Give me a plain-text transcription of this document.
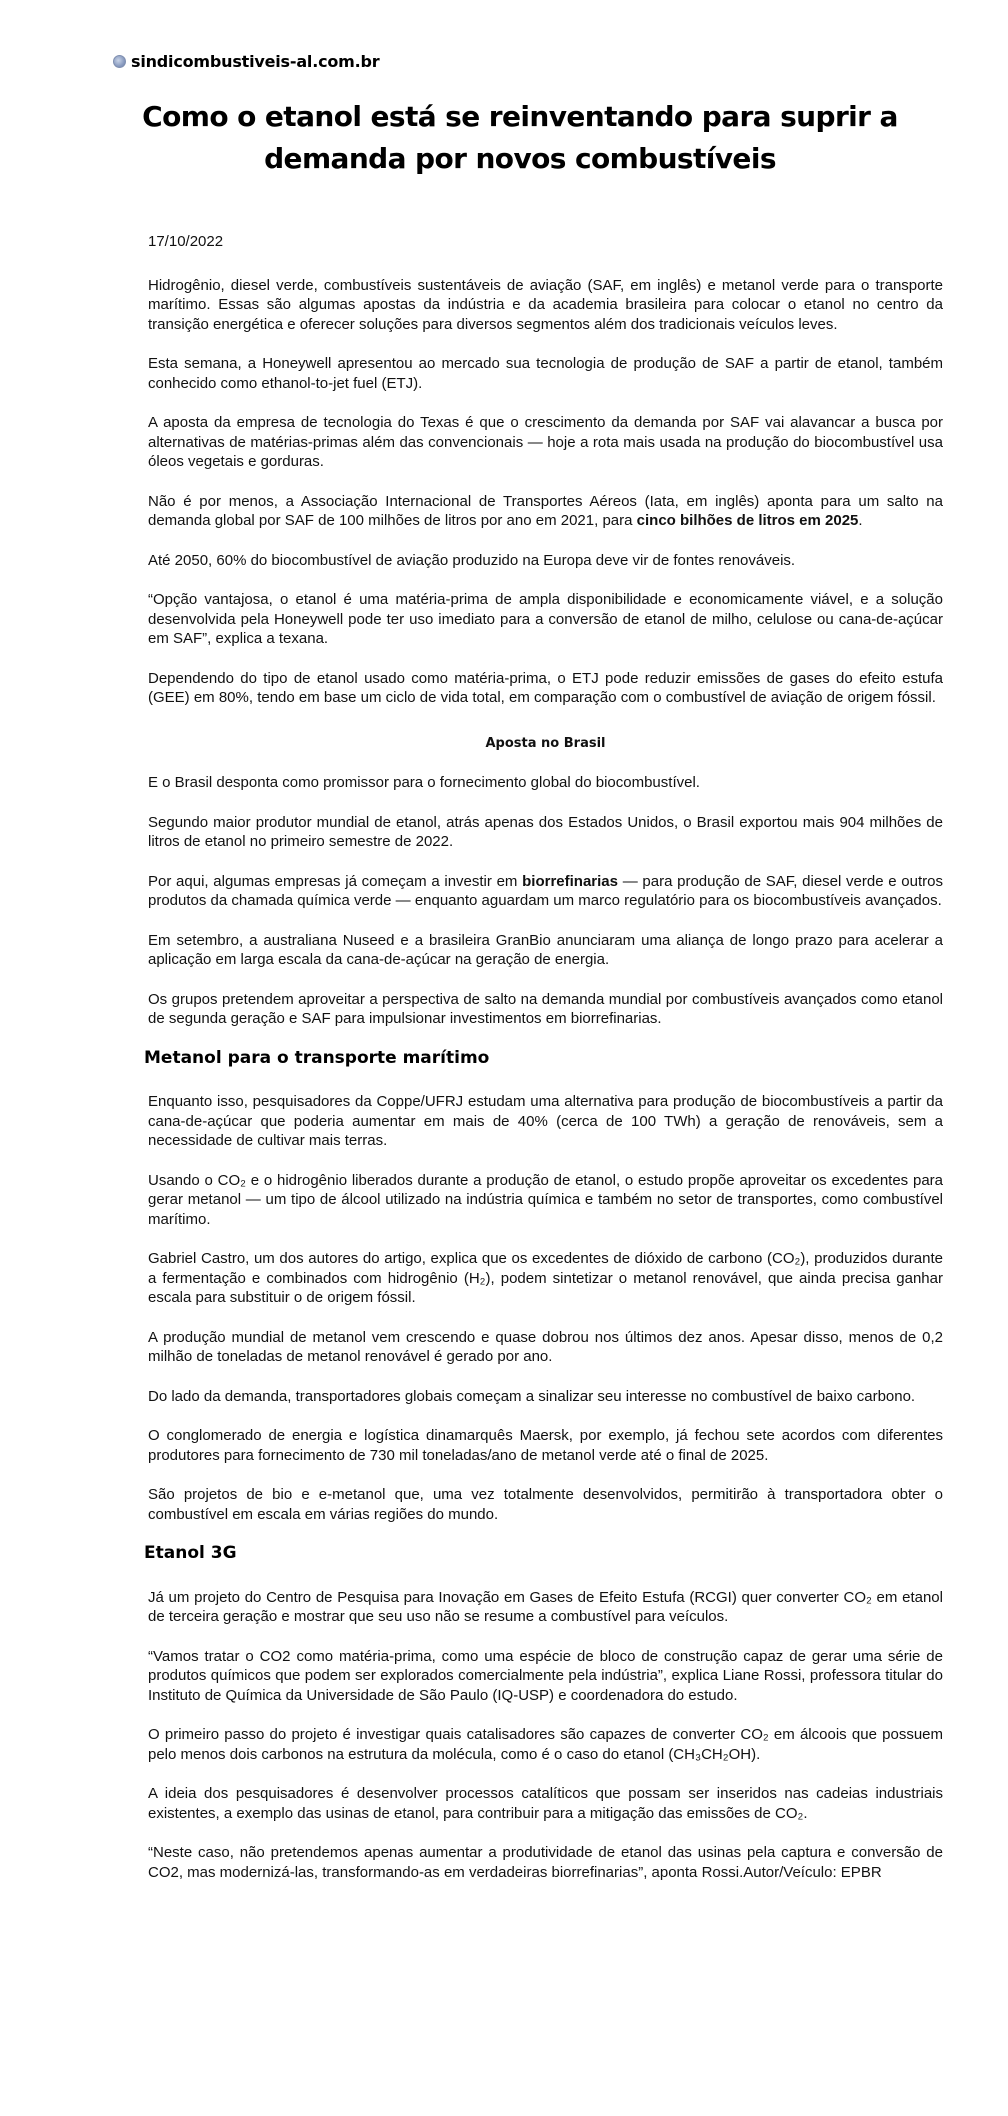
sindicombustiveis-al.com.br
Como o etanol está se reinventando para suprir a demanda por novos combustíveis
17/10/2022

Hidrogênio, diesel verde, combustíveis sustentáveis de aviação (SAF, em inglês) e metanol verde para o transporte marítimo. Essas são algumas apostas da indústria e da academia brasileira para colocar o etanol no centro da transição energética e oferecer soluções para diversos segmentos além dos tradicionais veículos leves.

Esta semana, a Honeywell apresentou ao mercado sua tecnologia de produção de SAF a partir de etanol, também conhecido como ethanol-to-jet fuel (ETJ).

A aposta da empresa de tecnologia do Texas é que o crescimento da demanda por SAF vai alavancar a busca por alternativas de matérias-primas além das convencionais — hoje a rota mais usada na produção do biocombustível usa óleos vegetais e gorduras.

Não é por menos, a Associação Internacional de Transportes Aéreos (Iata, em inglês) aponta para um salto na demanda global por SAF de 100 milhões de litros por ano em 2021, para cinco bilhões de litros em 2025.

Até 2050, 60% do biocombustível de aviação produzido na Europa deve vir de fontes renováveis.

“Opção vantajosa, o etanol é uma matéria-prima de ampla disponibilidade e economicamente viável, e a solução desenvolvida pela Honeywell pode ter uso imediato para a conversão de etanol de milho, celulose ou cana-de-açúcar em SAF”, explica a texana.

Dependendo do tipo de etanol usado como matéria-prima, o ETJ pode reduzir emissões de gases do efeito estufa (GEE) em 80%, tendo em base um ciclo de vida total, em comparação com o combustível de aviação de origem fóssil.

Aposta no Brasil

E o Brasil desponta como promissor para o fornecimento global do biocombustível.

Segundo maior produtor mundial de etanol, atrás apenas dos Estados Unidos, o Brasil exportou mais 904 milhões de litros de etanol no primeiro semestre de 2022.

Por aqui, algumas empresas já começam a investir em biorrefinarias — para produção de SAF, diesel verde e outros produtos da chamada química verde — enquanto aguardam um marco regulatório para os biocombustíveis avançados.

Em setembro, a australiana Nuseed e a brasileira GranBio anunciaram uma aliança de longo prazo para acelerar a aplicação em larga escala da cana-de-açúcar na geração de energia.

Os grupos pretendem aproveitar a perspectiva de salto na demanda mundial por combustíveis avançados como etanol de segunda geração e SAF para impulsionar investimentos em biorrefinarias.

Metanol para o transporte marítimo

Enquanto isso, pesquisadores da Coppe/UFRJ estudam uma alternativa para produção de biocombustíveis a partir da cana-de-açúcar que poderia aumentar em mais de 40% (cerca de 100 TWh) a geração de renováveis, sem a necessidade de cultivar mais terras.

Usando o CO₂ e o hidrogênio liberados durante a produção de etanol, o estudo propõe aproveitar os excedentes para gerar metanol — um tipo de álcool utilizado na indústria química e também no setor de transportes, como combustível marítimo.

Gabriel Castro, um dos autores do artigo, explica que os excedentes de dióxido de carbono (CO₂), produzidos durante a fermentação e combinados com hidrogênio (H₂), podem sintetizar o metanol renovável, que ainda precisa ganhar escala para substituir o de origem fóssil.

A produção mundial de metanol vem crescendo e quase dobrou nos últimos dez anos. Apesar disso, menos de 0,2 milhão de toneladas de metanol renovável é gerado por ano.

Do lado da demanda, transportadores globais começam a sinalizar seu interesse no combustível de baixo carbono.

O conglomerado de energia e logística dinamarquês Maersk, por exemplo, já fechou sete acordos com diferentes produtores para fornecimento de 730 mil toneladas/ano de metanol verde até o final de 2025.

São projetos de bio e e-metanol que, uma vez totalmente desenvolvidos, permitirão à transportadora obter o combustível em escala em várias regiões do mundo.

Etanol 3G

Já um projeto do Centro de Pesquisa para Inovação em Gases de Efeito Estufa (RCGI) quer converter CO₂ em etanol de terceira geração e mostrar que seu uso não se resume a combustível para veículos.

“Vamos tratar o CO2 como matéria-prima, como uma espécie de bloco de construção capaz de gerar uma série de produtos químicos que podem ser explorados comercialmente pela indústria”, explica Liane Rossi, professora titular do Instituto de Química da Universidade de São Paulo (IQ-USP) e coordenadora do estudo.

O primeiro passo do projeto é investigar quais catalisadores são capazes de converter CO₂ em álcoois que possuem pelo menos dois carbonos na estrutura da molécula, como é o caso do etanol (CH₃CH₂OH).

A ideia dos pesquisadores é desenvolver processos catalíticos que possam ser inseridos nas cadeias industriais existentes, a exemplo das usinas de etanol, para contribuir para a mitigação das emissões de CO₂.

“Neste caso, não pretendemos apenas aumentar a produtividade de etanol das usinas pela captura e conversão de CO2, mas modernizá-las, transformando-as em verdadeiras biorrefinarias”, aponta Rossi.Autor/Veículo: EPBR
